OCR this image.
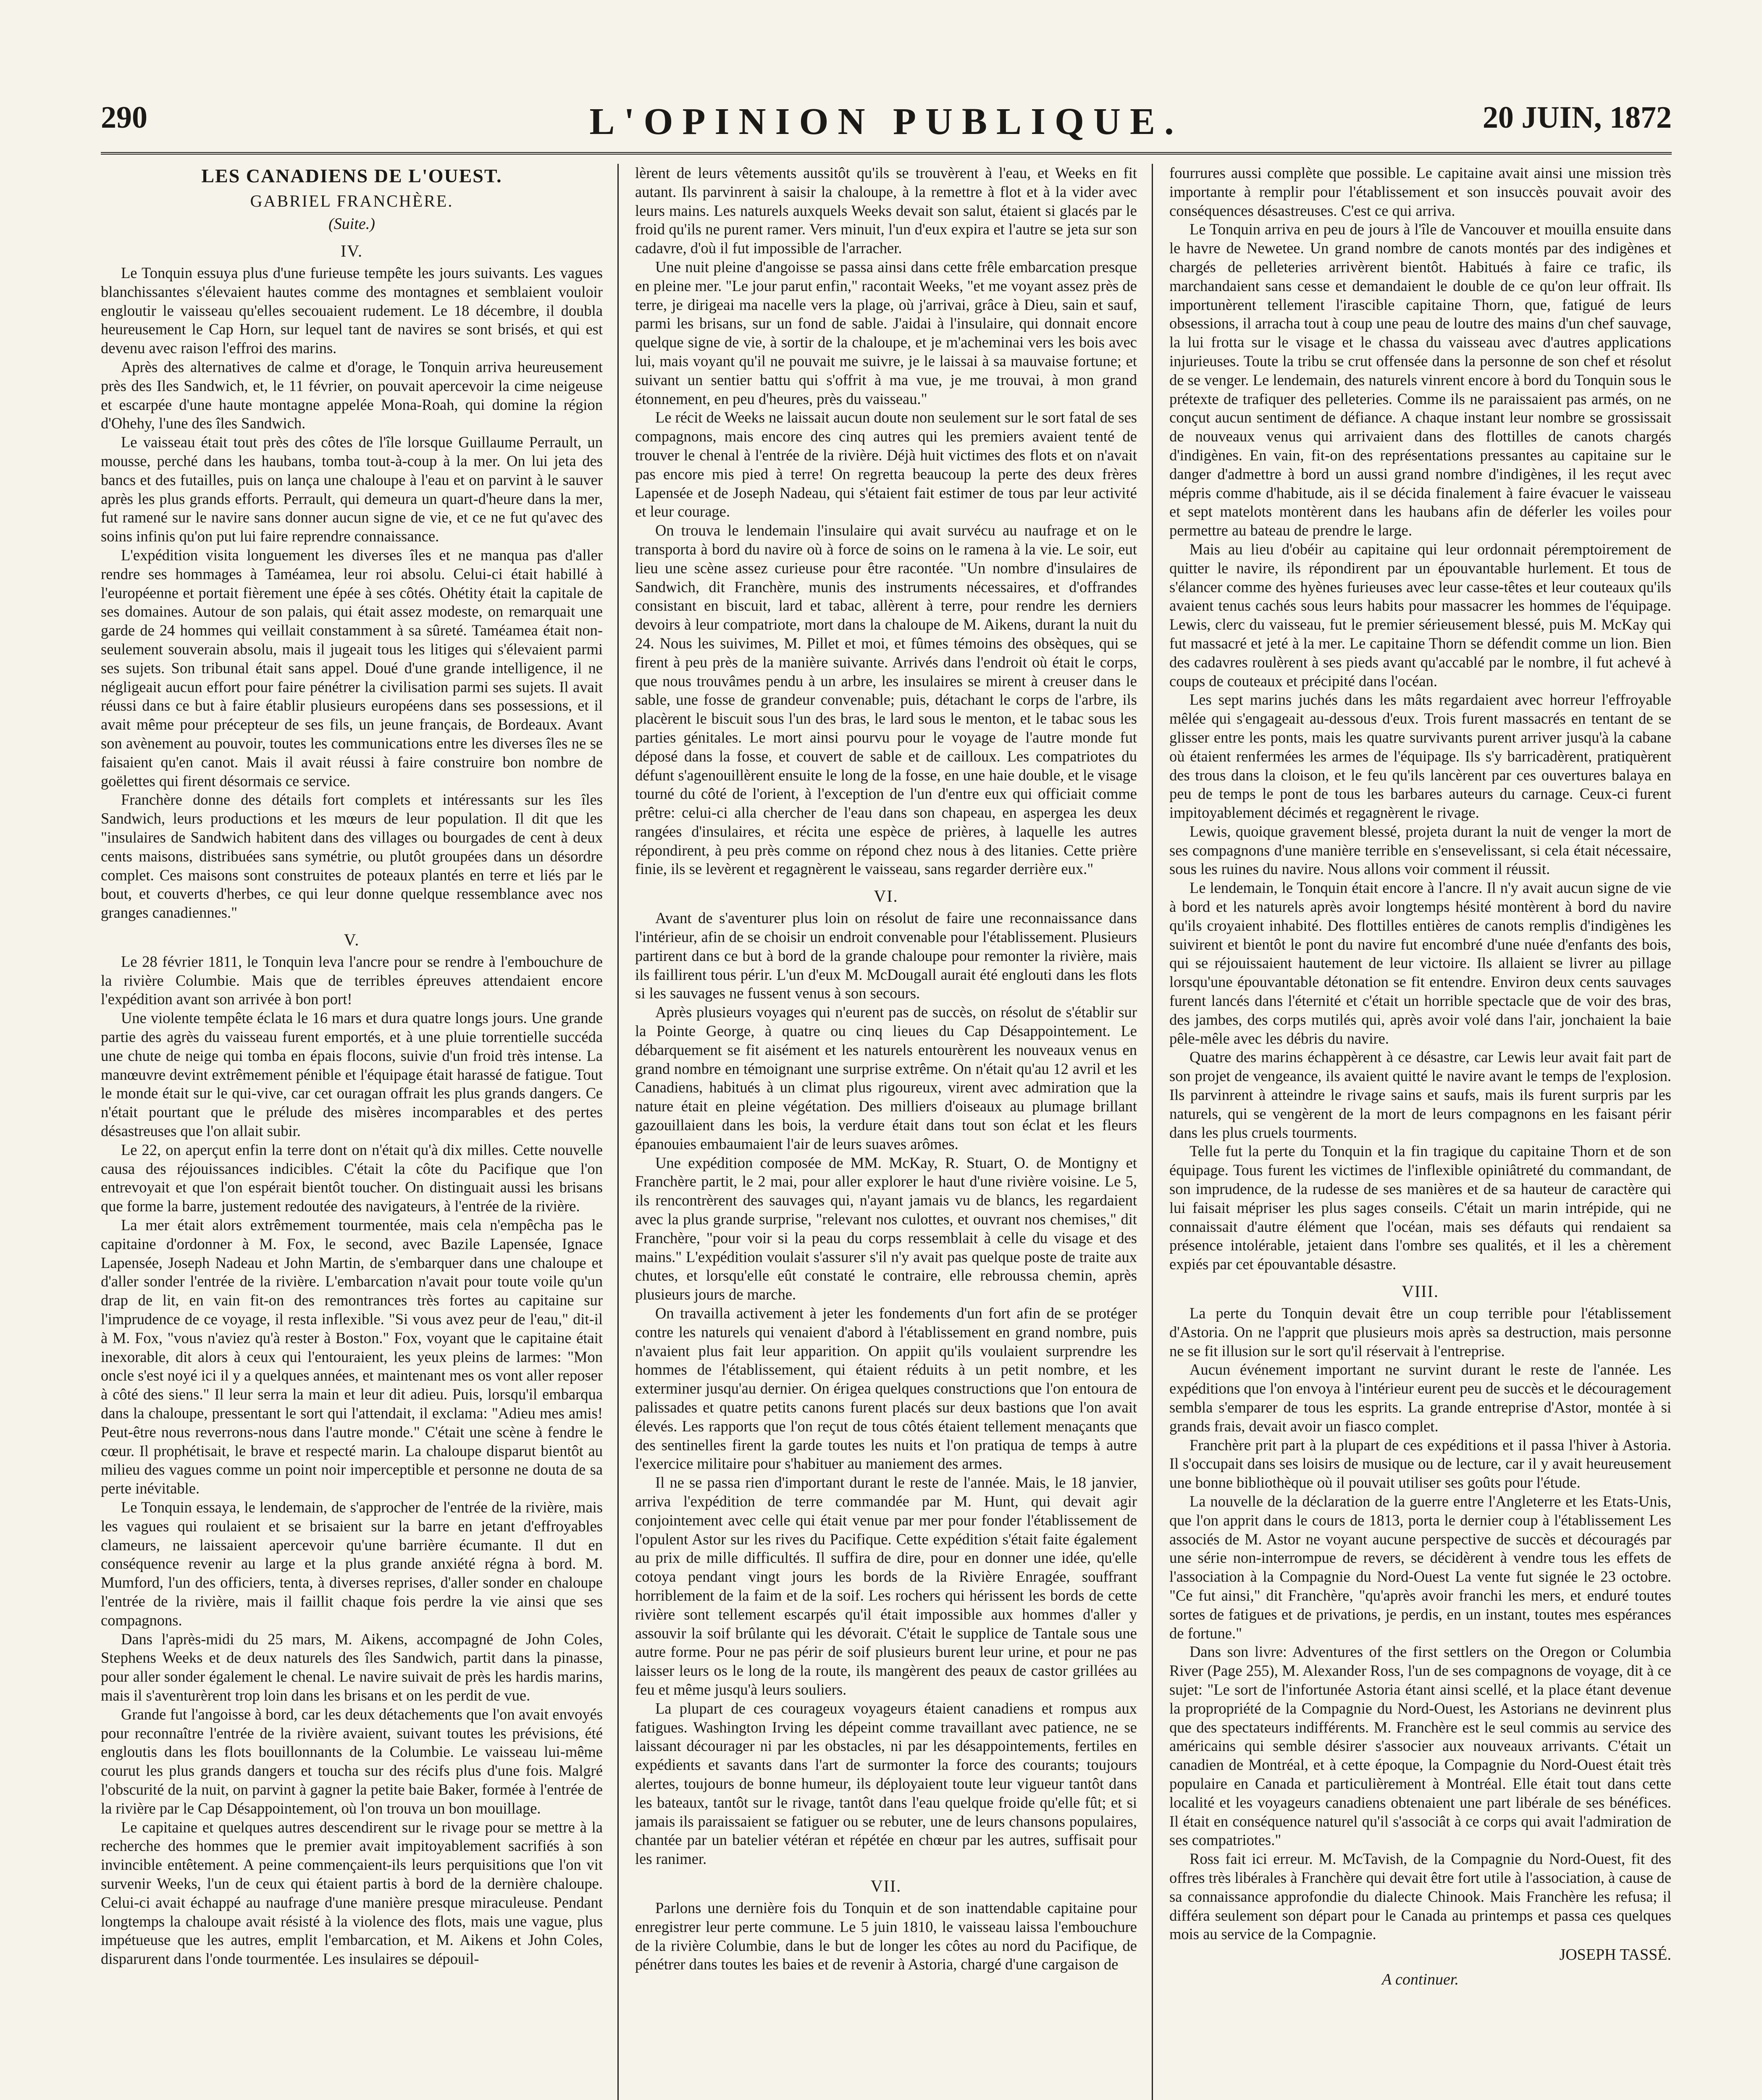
290	L'OPINION PUBLIQUE.	20 JUIN, 1872
LES CANADIENS DE L'OUEST.
GABRIEL FRANCHÈRE.
(Suite.)
IV.

Le Tonquin essuya plus d'une furieuse tempête les jours suivants. Les vagues blanchissantes s'élevaient hautes comme des montagnes et semblaient vouloir engloutir le vaisseau qu'elles secouaient rudement. Le 18 décembre, il doubla heureusement le Cap Horn, sur lequel tant de navires se sont brisés, et qui est devenu avec raison l'effroi des marins.

Après des alternatives de calme et d'orage, le Tonquin arriva heureusement près des Iles Sandwich, et, le 11 février, on pouvait apercevoir la cime neigeuse et escarpée d'une haute montagne appelée Mona-Roah, qui domine la région d'Ohehy, l'une des îles Sandwich.

Le vaisseau était tout près des côtes de l'île lorsque Guillaume Perrault, un mousse, perché dans les haubans, tomba tout-à-coup à la mer. On lui jeta des bancs et des futailles, puis on lança une chaloupe à l'eau et on parvint à le sauver après les plus grands efforts. Perrault, qui demeura un quart-d'heure dans la mer, fut ramené sur le navire sans donner aucun signe de vie, et ce ne fut qu'avec des soins infinis qu'on put lui faire reprendre connaissance.

L'expédition visita longuement les diverses îles et ne manqua pas d'aller rendre ses hommages à Taméamea, leur roi absolu. Celui-ci était habillé à l'européenne et portait fièrement une épée à ses côtés. Ohétity était la capitale de ses domaines. Autour de son palais, qui était assez modeste, on remarquait une garde de 24 hommes qui veillait constamment à sa sûreté. Taméamea était non-seulement souverain absolu, mais il jugeait tous les litiges qui s'élevaient parmi ses sujets. Son tribunal était sans appel. Doué d'une grande intelligence, il ne négligeait aucun effort pour faire pénétrer la civilisation parmi ses sujets. Il avait réussi dans ce but à faire établir plusieurs européens dans ses possessions, et il avait même pour précepteur de ses fils, un jeune français, de Bordeaux. Avant son avènement au pouvoir, toutes les communications entre les diverses îles ne se faisaient qu'en canot. Mais il avait réussi à faire construire bon nombre de goëlettes qui firent désormais ce service.

Franchère donne des détails fort complets et intéressants sur les îles Sandwich, leurs productions et les mœurs de leur population. Il dit que les "insulaires de Sandwich habitent dans des villages ou bourgades de cent à deux cents maisons, distribuées sans symétrie, ou plutôt groupées dans un désordre complet. Ces maisons sont construites de poteaux plantés en terre et liés par le bout, et couverts d'herbes, ce qui leur donne quelque ressemblance avec nos granges canadiennes."

V.

Le 28 février 1811, le Tonquin leva l'ancre pour se rendre à l'embouchure de la rivière Columbie. Mais que de terribles épreuves attendaient encore l'expédition avant son arrivée à bon port!

Une violente tempête éclata le 16 mars et dura quatre longs jours. Une grande partie des agrès du vaisseau furent emportés, et à une pluie torrentielle succéda une chute de neige qui tomba en épais flocons, suivie d'un froid très intense. La manœuvre devint extrêmement pénible et l'équipage était harassé de fatigue. Tout le monde était sur le qui-vive, car cet ouragan offrait les plus grands dangers. Ce n'était pourtant que le prélude des misères incomparables et des pertes désastreuses que l'on allait subir.

Le 22, on aperçut enfin la terre dont on n'était qu'à dix milles. Cette nouvelle causa des réjouissances indicibles. C'était la côte du Pacifique que l'on entrevoyait et que l'on espérait bientôt toucher. On distinguait aussi les brisans que forme la barre, justement redoutée des navigateurs, à l'entrée de la rivière.

La mer était alors extrêmement tourmentée, mais cela n'empêcha pas le capitaine d'ordonner à M. Fox, le second, avec Bazile Lapensée, Ignace Lapensée, Joseph Nadeau et John Martin, de s'embarquer dans une chaloupe et d'aller sonder l'entrée de la rivière. L'embarcation n'avait pour toute voile qu'un drap de lit, en vain fit-on des remontrances très fortes au capitaine sur l'imprudence de ce voyage, il resta inflexible. "Si vous avez peur de l'eau," dit-il à M. Fox, "vous n'aviez qu'à rester à Boston." Fox, voyant que le capitaine était inexorable, dit alors à ceux qui l'entouraient, les yeux pleins de larmes: "Mon oncle s'est noyé ici il y a quelques années, et maintenant mes os vont aller reposer à côté des siens." Il leur serra la main et leur dit adieu. Puis, lorsqu'il embarqua dans la chaloupe, pressentant le sort qui l'attendait, il exclama: "Adieu mes amis! Peut-être nous reverrons-nous dans l'autre monde." C'était une scène à fendre le cœur. Il prophétisait, le brave et respecté marin. La chaloupe disparut bientôt au milieu des vagues comme un point noir imperceptible et personne ne douta de sa perte inévitable.

Le Tonquin essaya, le lendemain, de s'approcher de l'entrée de la rivière, mais les vagues qui roulaient et se brisaient sur la barre en jetant d'effroyables clameurs, ne laissaient apercevoir qu'une barrière écumante. Il dut en conséquence revenir au large et la plus grande anxiété régna à bord. M. Mumford, l'un des officiers, tenta, à diverses reprises, d'aller sonder en chaloupe l'entrée de la rivière, mais il faillit chaque fois perdre la vie ainsi que ses compagnons.

Dans l'après-midi du 25 mars, M. Aikens, accompagné de John Coles, Stephens Weeks et de deux naturels des îles Sandwich, partit dans la pinasse, pour aller sonder également le chenal. Le navire suivait de près les hardis marins, mais il s'aventurèrent trop loin dans les brisans et on les perdit de vue.

Grande fut l'angoisse à bord, car les deux détachements que l'on avait envoyés pour reconnaître l'entrée de la rivière avaient, suivant toutes les prévisions, été engloutis dans les flots bouillonnants de la Columbie. Le vaisseau lui-même courut les plus grands dangers et toucha sur des récifs plus d'une fois. Malgré l'obscurité de la nuit, on parvint à gagner la petite baie Baker, formée à l'entrée de la rivière par le Cap Désappointement, où l'on trouva un bon mouillage.

Le capitaine et quelques autres descendirent sur le rivage pour se mettre à la recherche des hommes que le premier avait impitoyablement sacrifiés à son invincible entêtement. A peine commençaient-ils leurs perquisitions que l'on vit survenir Weeks, l'un de ceux qui étaient partis à bord de la dernière chaloupe. Celui-ci avait échappé au naufrage d'une manière presque miraculeuse. Pendant longtemps la chaloupe avait résisté à la violence des flots, mais une vague, plus impétueuse que les autres, emplit l'embarcation, et M. Aikens et John Coles, disparurent dans l'onde tourmentée. Les insulaires se dépouil-

lèrent de leurs vêtements aussitôt qu'ils se trouvèrent à l'eau, et Weeks en fit autant. Ils parvinrent à saisir la chaloupe, à la remettre à flot et à la vider avec leurs mains. Les naturels auxquels Weeks devait son salut, étaient si glacés par le froid qu'ils ne purent ramer. Vers minuit, l'un d'eux expira et l'autre se jeta sur son cadavre, d'où il fut impossible de l'arracher.

Une nuit pleine d'angoisse se passa ainsi dans cette frêle embarcation presque en pleine mer. "Le jour parut enfin," racontait Weeks, "et me voyant assez près de terre, je dirigeai ma nacelle vers la plage, où j'arrivai, grâce à Dieu, sain et sauf, parmi les brisans, sur un fond de sable. J'aidai à l'insulaire, qui donnait encore quelque signe de vie, à sortir de la chaloupe, et je m'acheminai vers les bois avec lui, mais voyant qu'il ne pouvait me suivre, je le laissai à sa mauvaise fortune; et suivant un sentier battu qui s'offrit à ma vue, je me trouvai, à mon grand étonnement, en peu d'heures, près du vaisseau."

Le récit de Weeks ne laissait aucun doute non seulement sur le sort fatal de ses compagnons, mais encore des cinq autres qui les premiers avaient tenté de trouver le chenal à l'entrée de la rivière. Déjà huit victimes des flots et on n'avait pas encore mis pied à terre! On regretta beaucoup la perte des deux frères Lapensée et de Joseph Nadeau, qui s'étaient fait estimer de tous par leur activité et leur courage.

On trouva le lendemain l'insulaire qui avait survécu au naufrage et on le transporta à bord du navire où à force de soins on le ramena à la vie. Le soir, eut lieu une scène assez curieuse pour être racontée. "Un nombre d'insulaires de Sandwich, dit Franchère, munis des instruments nécessaires, et d'offrandes consistant en biscuit, lard et tabac, allèrent à terre, pour rendre les derniers devoirs à leur compatriote, mort dans la chaloupe de M. Aikens, durant la nuit du 24. Nous les suivimes, M. Pillet et moi, et fûmes témoins des obsèques, qui se firent à peu près de la manière suivante. Arrivés dans l'endroit où était le corps, que nous trouvâmes pendu à un arbre, les insulaires se mirent à creuser dans le sable, une fosse de grandeur convenable; puis, détachant le corps de l'arbre, ils placèrent le biscuit sous l'un des bras, le lard sous le menton, et le tabac sous les parties génitales. Le mort ainsi pourvu pour le voyage de l'autre monde fut déposé dans la fosse, et couvert de sable et de cailloux. Les compatriotes du défunt s'agenouillèrent ensuite le long de la fosse, en une haie double, et le visage tourné du côté de l'orient, à l'exception de l'un d'entre eux qui officiait comme prêtre: celui-ci alla chercher de l'eau dans son chapeau, en aspergea les deux rangées d'insulaires, et récita une espèce de prières, à laquelle les autres répondirent, à peu près comme on répond chez nous à des litanies. Cette prière finie, ils se levèrent et regagnèrent le vaisseau, sans regarder derrière eux."

VI.

Avant de s'aventurer plus loin on résolut de faire une reconnaissance dans l'intérieur, afin de se choisir un endroit convenable pour l'établissement. Plusieurs partirent dans ce but à bord de la grande chaloupe pour remonter la rivière, mais ils faillirent tous périr. L'un d'eux M. McDougall aurait été englouti dans les flots si les sauvages ne fussent venus à son secours.

Après plusieurs voyages qui n'eurent pas de succès, on résolut de s'établir sur la Pointe George, à quatre ou cinq lieues du Cap Désappointement. Le débarquement se fit aisément et les naturels entourèrent les nouveaux venus en grand nombre en témoignant une surprise extrême. On n'était qu'au 12 avril et les Canadiens, habitués à un climat plus rigoureux, virent avec admiration que la nature était en pleine végétation. Des milliers d'oiseaux au plumage brillant gazouillaient dans les bois, la verdure était dans tout son éclat et les fleurs épanouies embaumaient l'air de leurs suaves arômes.

Une expédition composée de MM. McKay, R. Stuart, O. de Montigny et Franchère partit, le 2 mai, pour aller explorer le haut d'une rivière voisine. Le 5, ils rencontrèrent des sauvages qui, n'ayant jamais vu de blancs, les regardaient avec la plus grande surprise, "relevant nos culottes, et ouvrant nos chemises," dit Franchère, "pour voir si la peau du corps ressemblait à celle du visage et des mains." L'expédition voulait s'assurer s'il n'y avait pas quelque poste de traite aux chutes, et lorsqu'elle eût constaté le contraire, elle rebroussa chemin, après plusieurs jours de marche.

On travailla activement à jeter les fondements d'un fort afin de se protéger contre les naturels qui venaient d'abord à l'établissement en grand nombre, puis n'avaient plus fait leur apparition. On appiit qu'ils voulaient surprendre les hommes de l'établissement, qui étaient réduits à un petit nombre, et les exterminer jusqu'au dernier. On érigea quelques constructions que l'on entoura de palissades et quatre petits canons furent placés sur deux bastions que l'on avait élevés. Les rapports que l'on reçut de tous côtés étaient tellement menaçants que des sentinelles firent la garde toutes les nuits et l'on pratiqua de temps à autre l'exercice militaire pour s'habituer au maniement des armes.

Il ne se passa rien d'important durant le reste de l'année. Mais, le 18 janvier, arriva l'expédition de terre commandée par M. Hunt, qui devait agir conjointement avec celle qui était venue par mer pour fonder l'établissement de l'opulent Astor sur les rives du Pacifique. Cette expédition s'était faite également au prix de mille difficultés. Il suffira de dire, pour en donner une idée, qu'elle cotoya pendant vingt jours les bords de la Rivière Enragée, souffrant horriblement de la faim et de la soif. Les rochers qui hérissent les bords de cette rivière sont tellement escarpés qu'il était impossible aux hommes d'aller y assouvir la soif brûlante qui les dévorait. C'était le supplice de Tantale sous une autre forme. Pour ne pas périr de soif plusieurs burent leur urine, et pour ne pas laisser leurs os le long de la route, ils mangèrent des peaux de castor grillées au feu et même jusqu'à leurs souliers.

La plupart de ces courageux voyageurs étaient canadiens et rompus aux fatigues. Washington Irving les dépeint comme travaillant avec patience, ne se laissant décourager ni par les obstacles, ni par les désappointements, fertiles en expédients et savants dans l'art de surmonter la force des courants; toujours alertes, toujours de bonne humeur, ils déployaient toute leur vigueur tantôt dans les bateaux, tantôt sur le rivage, tantôt dans l'eau quelque froide qu'elle fût; et si jamais ils paraissaient se fatiguer ou se rebuter, une de leurs chansons populaires, chantée par un batelier vétéran et répétée en chœur par les autres, suffisait pour les ranimer.

VII.

Parlons une dernière fois du Tonquin et de son inattendable capitaine pour enregistrer leur perte commune. Le 5 juin 1810, le vaisseau laissa l'embouchure de la rivière Columbie, dans le but de longer les côtes au nord du Pacifique, de pénétrer dans toutes les baies et de revenir à Astoria, chargé d'une cargaison de

fourrures aussi complète que possible. Le capitaine avait ainsi une mission très importante à remplir pour l'établissement et son insuccès pouvait avoir des conséquences désastreuses. C'est ce qui arriva.

Le Tonquin arriva en peu de jours à l'île de Vancouver et mouilla ensuite dans le havre de Newetee. Un grand nombre de canots montés par des indigènes et chargés de pelleteries arrivèrent bientôt. Habitués à faire ce trafic, ils marchandaient sans cesse et demandaient le double de ce qu'on leur offrait. Ils importunèrent tellement l'irascible capitaine Thorn, que, fatigué de leurs obsessions, il arracha tout à coup une peau de loutre des mains d'un chef sauvage, la lui frotta sur le visage et le chassa du vaisseau avec d'autres applications injurieuses. Toute la tribu se crut offensée dans la personne de son chef et résolut de se venger. Le lendemain, des naturels vinrent encore à bord du Tonquin sous le prétexte de trafiquer des pelleteries. Comme ils ne paraissaient pas armés, on ne conçut aucun sentiment de défiance. A chaque instant leur nombre se grossissait de nouveaux venus qui arrivaient dans des flottilles de canots chargés d'indigènes. En vain, fit-on des représentations pressantes au capitaine sur le danger d'admettre à bord un aussi grand nombre d'indigènes, il les reçut avec mépris comme d'habitude, ais il se décida finalement à faire évacuer le vaisseau et sept matelots montèrent dans les haubans afin de déferler les voiles pour permettre au bateau de prendre le large.

Mais au lieu d'obéir au capitaine qui leur ordonnait péremptoirement de quitter le navire, ils répondirent par un épouvantable hurlement. Et tous de s'élancer comme des hyènes furieuses avec leur casse-têtes et leur couteaux qu'ils avaient tenus cachés sous leurs habits pour massacrer les hommes de l'équipage. Lewis, clerc du vaisseau, fut le premier sérieusement blessé, puis M. McKay qui fut massacré et jeté à la mer. Le capitaine Thorn se défendit comme un lion. Bien des cadavres roulèrent à ses pieds avant qu'accablé par le nombre, il fut achevé à coups de couteaux et précipité dans l'océan.

Les sept marins juchés dans les mâts regardaient avec horreur l'effroyable mêlée qui s'engageait au-dessous d'eux. Trois furent massacrés en tentant de se glisser entre les ponts, mais les quatre survivants purent arriver jusqu'à la cabane où étaient renfermées les armes de l'équipage. Ils s'y barricadèrent, pratiquèrent des trous dans la cloison, et le feu qu'ils lancèrent par ces ouvertures balaya en peu de temps le pont de tous les barbares auteurs du carnage. Ceux-ci furent impitoyablement décimés et regagnèrent le rivage.

Lewis, quoique gravement blessé, projeta durant la nuit de venger la mort de ses compagnons d'une manière terrible en s'ensevelissant, si cela était nécessaire, sous les ruines du navire. Nous allons voir comment il réussit.

Le lendemain, le Tonquin était encore à l'ancre. Il n'y avait aucun signe de vie à bord et les naturels après avoir longtemps hésité montèrent à bord du navire qu'ils croyaient inhabité. Des flottilles entières de canots remplis d'indigènes les suivirent et bientôt le pont du navire fut encombré d'une nuée d'enfants des bois, qui se réjouissaient hautement de leur victoire. Ils allaient se livrer au pillage lorsqu'une épouvantable détonation se fit entendre. Environ deux cents sauvages furent lancés dans l'éternité et c'était un horrible spectacle que de voir des bras, des jambes, des corps mutilés qui, après avoir volé dans l'air, jonchaient la baie pêle-mêle avec les débris du navire.

Quatre des marins échappèrent à ce désastre, car Lewis leur avait fait part de son projet de vengeance, ils avaient quitté le navire avant le temps de l'explosion. Ils parvinrent à atteindre le rivage sains et saufs, mais ils furent surpris par les naturels, qui se vengèrent de la mort de leurs compagnons en les faisant périr dans les plus cruels tourments.

Telle fut la perte du Tonquin et la fin tragique du capitaine Thorn et de son équipage. Tous furent les victimes de l'inflexible opiniâtreté du commandant, de son imprudence, de la rudesse de ses manières et de sa hauteur de caractère qui lui faisait mépriser les plus sages conseils. C'était un marin intrépide, qui ne connaissait d'autre élément que l'océan, mais ses défauts qui rendaient sa présence intolérable, jetaient dans l'ombre ses qualités, et il les a chèrement expiés par cet épouvantable désastre.

VIII.

La perte du Tonquin devait être un coup terrible pour l'établissement d'Astoria. On ne l'apprit que plusieurs mois après sa destruction, mais personne ne se fit illusion sur le sort qu'il réservait à l'entreprise.

Aucun événement important ne survint durant le reste de l'année. Les expéditions que l'on envoya à l'intérieur eurent peu de succès et le découragement sembla s'emparer de tous les esprits. La grande entreprise d'Astor, montée à si grands frais, devait avoir un fiasco complet.

Franchère prit part à la plupart de ces expéditions et il passa l'hiver à Astoria. Il s'occupait dans ses loisirs de musique ou de lecture, car il y avait heureusement une bonne bibliothèque où il pouvait utiliser ses goûts pour l'étude.

La nouvelle de la déclaration de la guerre entre l'Angleterre et les Etats-Unis, que l'on apprit dans le cours de 1813, porta le dernier coup à l'établissement Les associés de M. Astor ne voyant aucune perspective de succès et découragés par une série non-interrompue de revers, se décidèrent à vendre tous les effets de l'association à la Compagnie du Nord-Ouest La vente fut signée le 23 octobre. "Ce fut ainsi," dit Franchère, "qu'après avoir franchi les mers, et enduré toutes sortes de fatigues et de privations, je perdis, en un instant, toutes mes espérances de fortune."

Dans son livre: Adventures of the first settlers on the Oregon or Columbia River (Page 255), M. Alexander Ross, l'un de ses compagnons de voyage, dit à ce sujet: "Le sort de l'infortunée Astoria étant ainsi scellé, et la place étant devenue la propropriété de la Compagnie du Nord-Ouest, les Astorians ne devinrent plus que des spectateurs indifférents. M. Franchère est le seul commis au service des américains qui semble désirer s'associer aux nouveaux arrivants. C'était un canadien de Montréal, et à cette époque, la Compagnie du Nord-Ouest était très populaire en Canada et particulièrement à Montréal. Elle était tout dans cette localité et les voyageurs canadiens obtenaient une part libérale de ses bénéfices. Il était en conséquence naturel qu'il s'associât à ce corps qui avait l'admiration de ses compatriotes."

Ross fait ici erreur. M. McTavish, de la Compagnie du Nord-Ouest, fit des offres très libérales à Franchère qui devait être fort utile à l'association, à cause de sa connaissance approfondie du dialecte Chinook. Mais Franchère les refusa; il différa seulement son départ pour le Canada au printemps et passa ces quelques mois au service de la Compagnie.

JOSEPH TASSÉ.
A continuer.
